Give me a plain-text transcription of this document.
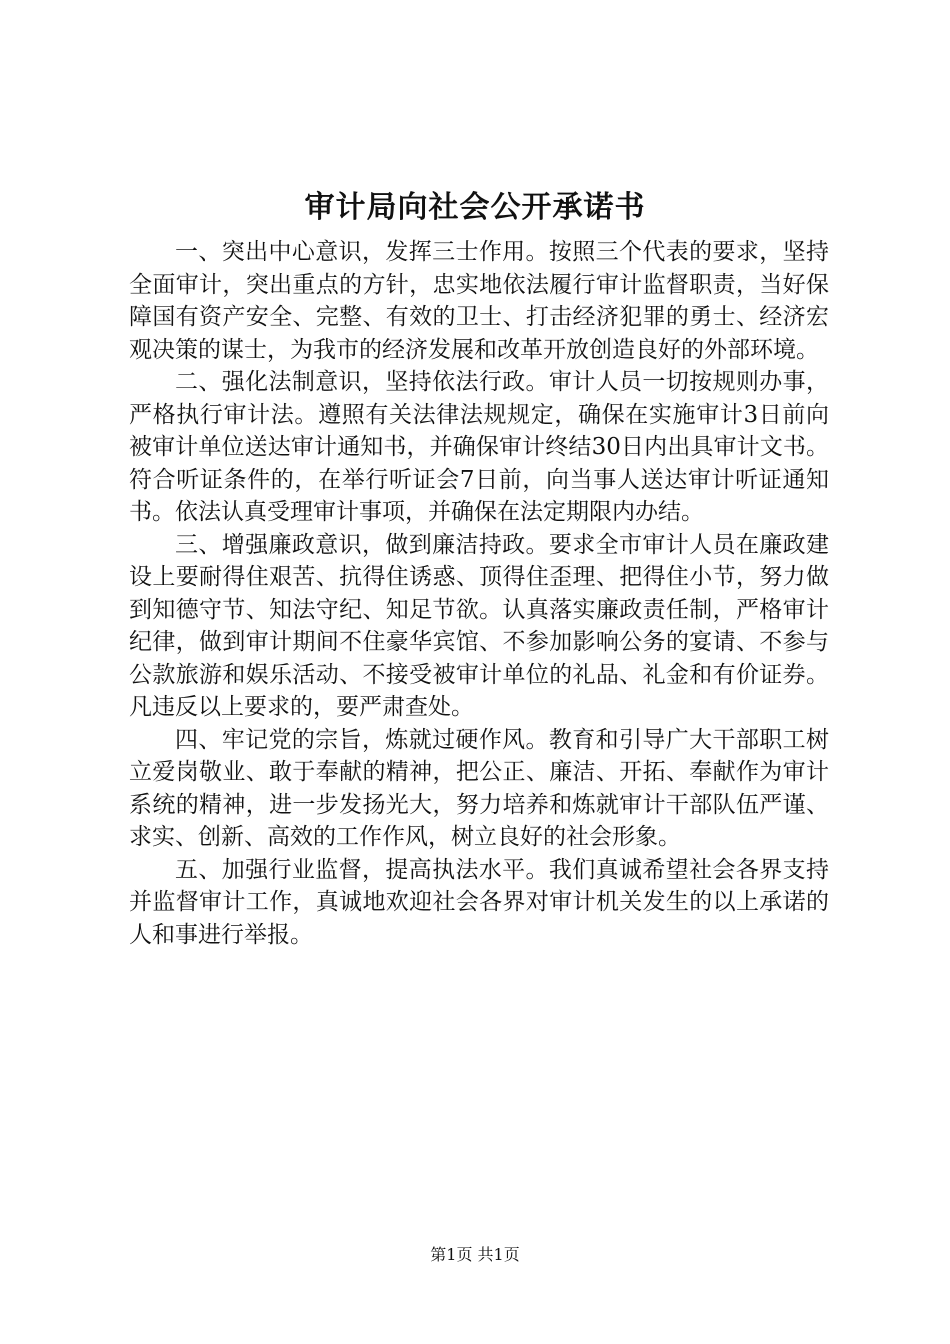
审计局向社会公开承诺书

一、突出中心意识，发挥三士作用。按照三个代表的要求，坚持全面审计，突出重点的方针，忠实地依法履行审计监督职责，当好保障国有资产安全、完整、有效的卫士、打击经济犯罪的勇士、经济宏观决策的谋士，为我市的经济发展和改革开放创造良好的外部环境。

二、强化法制意识，坚持依法行政。审计人员一切按规则办事，严格执行审计法。遵照有关法律法规规定，确保在实施审计3日前向被审计单位送达审计通知书，并确保审计终结30日内出具审计文书。符合听证条件的，在举行听证会7日前，向当事人送达审计听证通知书。依法认真受理审计事项，并确保在法定期限内办结。

三、增强廉政意识，做到廉洁持政。要求全市审计人员在廉政建设上要耐得住艰苦、抗得住诱惑、顶得住歪理、把得住小节，努力做到知德守节、知法守纪、知足节欲。认真落实廉政责任制，严格审计纪律，做到审计期间不住豪华宾馆、不参加影响公务的宴请、不参与公款旅游和娱乐活动、不接受被审计单位的礼品、礼金和有价证券。凡违反以上要求的，要严肃查处。

四、牢记党的宗旨，炼就过硬作风。教育和引导广大干部职工树立爱岗敬业、敢于奉献的精神，把公正、廉洁、开拓、奉献作为审计系统的精神，进一步发扬光大，努力培养和炼就审计干部队伍严谨、求实、创新、高效的工作作风，树立良好的社会形象。

五、加强行业监督，提高执法水平。我们真诚希望社会各界支持并监督审计工作，真诚地欢迎社会各界对审计机关发生的以上承诺的人和事进行举报。

第1页 共1页
